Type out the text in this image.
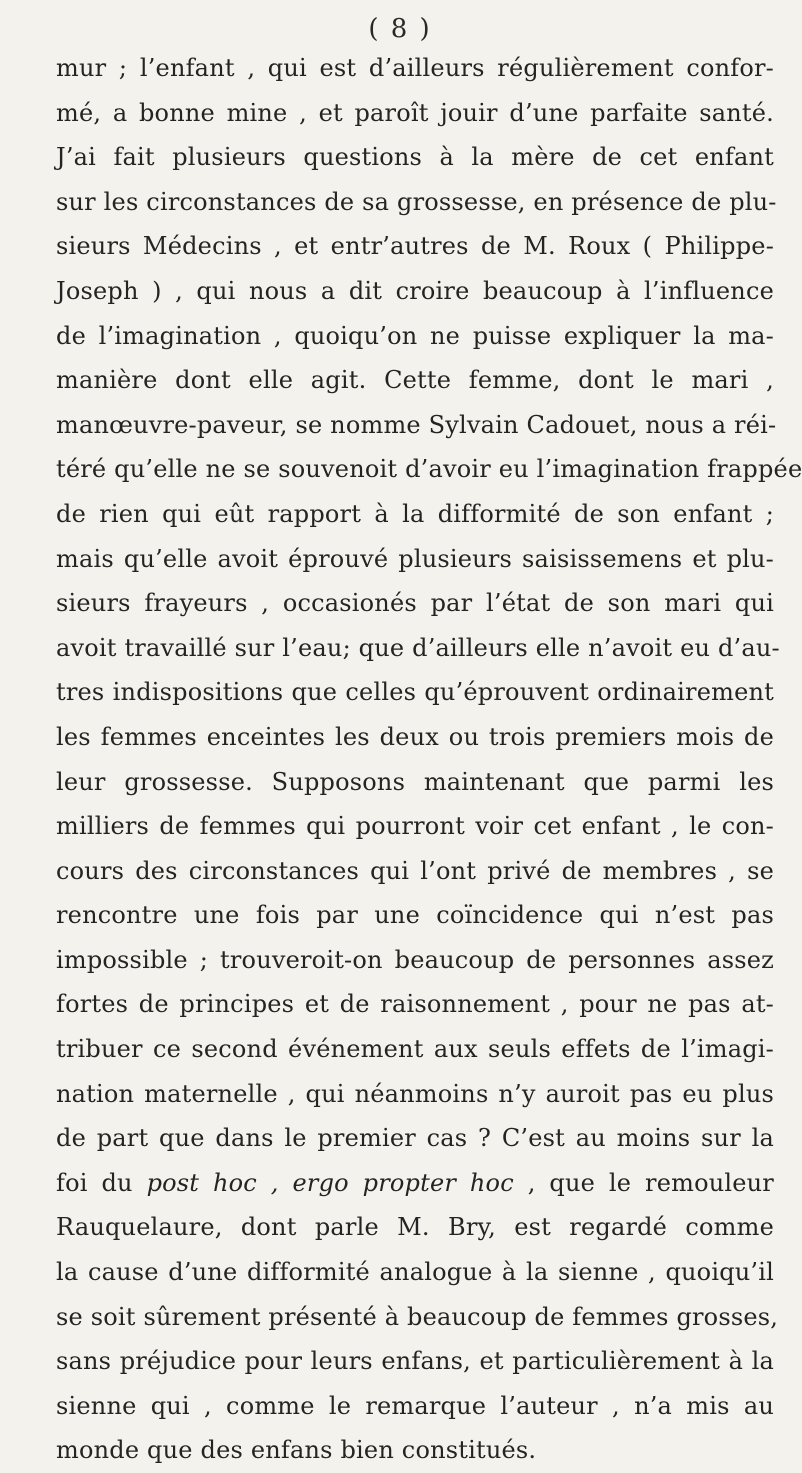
( 8 )
mur ; l’enfant , qui est d’ailleurs régulièrement confor-
mé, a bonne mine , et paroît jouir d’une parfaite santé.
J’ai fait plusieurs questions à la mère de cet enfant
sur les circonstances de sa grossesse, en présence de plu-
sieurs Médecins , et entr’autres de M. Roux ( Philippe-
Joseph ) , qui nous a dit croire beaucoup à l’influence
de l’imagination , quoiqu’on ne puisse expliquer la ma-
manière dont elle agit. Cette femme, dont le mari ,
manœuvre-paveur, se nomme Sylvain Cadouet, nous a réi-
téré qu’elle ne se souvenoit d’avoir eu l’imagination frappée
de rien qui eût rapport à la difformité de son enfant ;
mais qu’elle avoit éprouvé plusieurs saisissemens et plu-
sieurs frayeurs , occasionés par l’état de son mari qui
avoit travaillé sur l’eau; que d’ailleurs elle n’avoit eu d’au-
tres indispositions que celles qu’éprouvent ordinairement
les femmes enceintes les deux ou trois premiers mois de
leur grossesse. Supposons maintenant que parmi les
milliers de femmes qui pourront voir cet enfant , le con-
cours des circonstances qui l’ont privé de membres , se
rencontre une fois par une coïncidence qui n’est pas
impossible ; trouveroit-on beaucoup de personnes assez
fortes de principes et de raisonnement , pour ne pas at-
tribuer ce second événement aux seuls effets de l’imagi-
nation maternelle , qui néanmoins n’y auroit pas eu plus
de part que dans le premier cas ? C’est au moins sur la
foi du post hoc , ergo propter hoc , que le remouleur
Rauquelaure, dont parle M. Bry, est regardé comme
la cause d’une difformité analogue à la sienne , quoiqu’il
se soit sûrement présenté à beaucoup de femmes grosses,
sans préjudice pour leurs enfans, et particulièrement à la
sienne qui , comme le remarque l’auteur , n’a mis au
monde que des enfans bien constitués.
